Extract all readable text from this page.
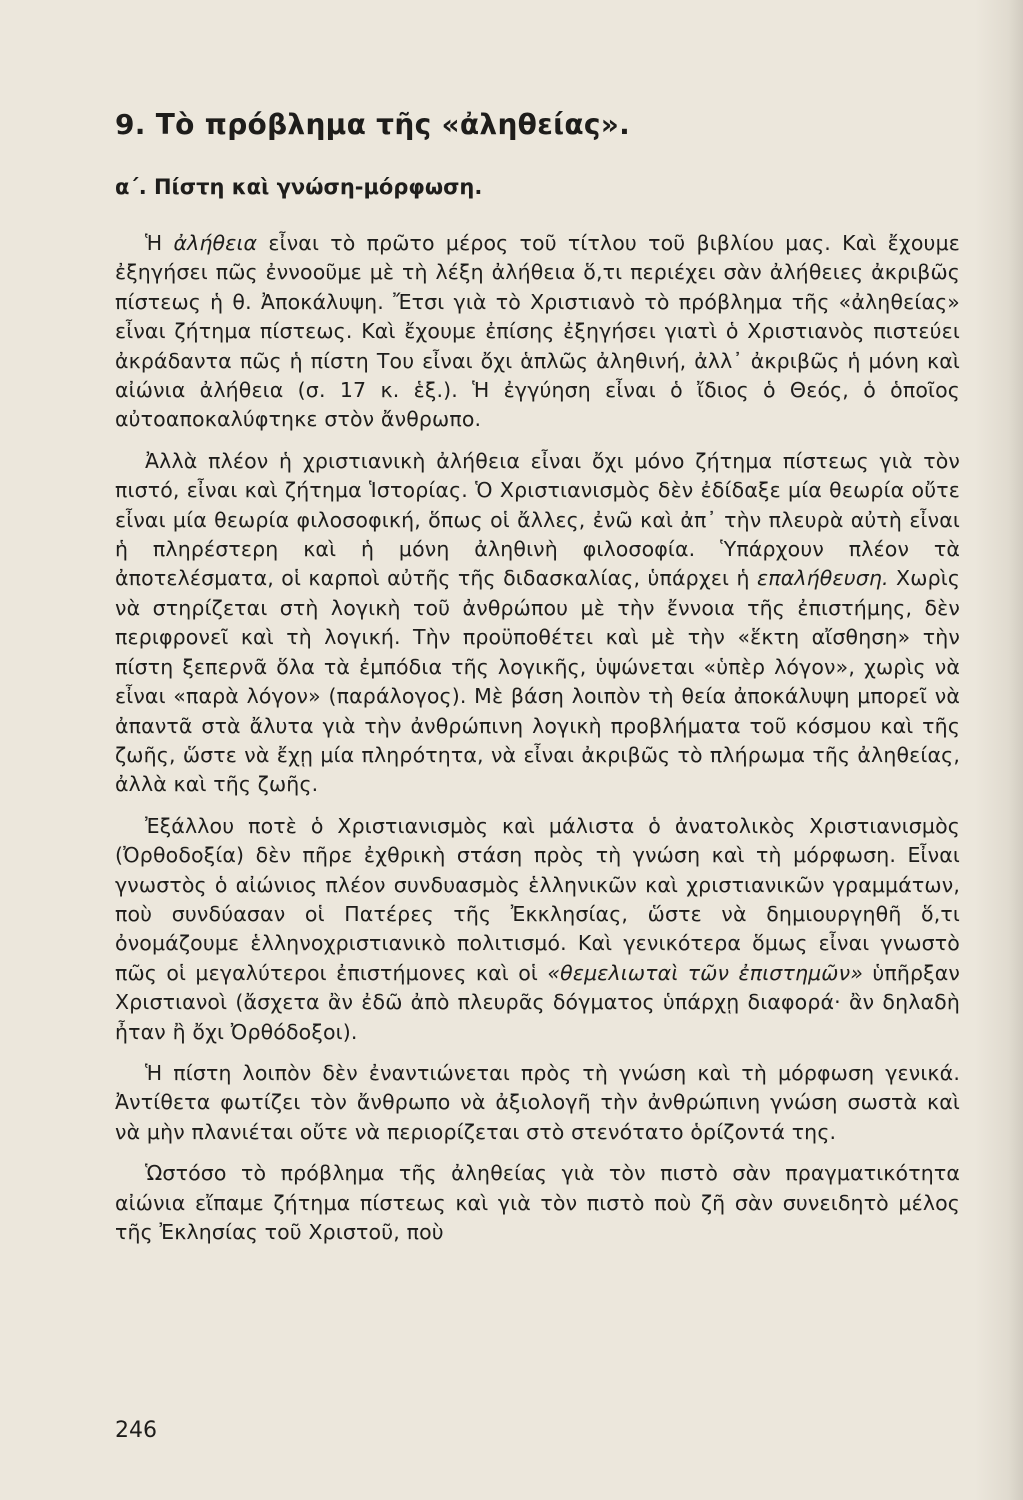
9. Τὸ πρόβλημα τῆς «ἀληθείας».
α΄. Πίστη καὶ γνώση-μόρφωση.

Ἡ ἀλήθεια εἶναι τὸ πρῶτο μέρος τοῦ τίτλου τοῦ βιβλίου μας. Καὶ ἔχουμε ἐξηγήσει πῶς ἐννοοῦμε μὲ τὴ λέξη ἀλήθεια ὅ,τι περιέχει σὰν ἀλήθειες ἀκριβῶς πίστεως ἡ θ. Ἀποκάλυψη. Ἔτσι γιὰ τὸ Χριστιανὸ τὸ πρόβλημα τῆς «ἀληθείας» εἶναι ζήτημα πίστεως. Καὶ ἔχουμε ἐπίσης ἐξηγήσει γιατὶ ὁ Χριστιανὸς πιστεύει ἀκράδαντα πῶς ἡ πίστη Του εἶναι ὄχι ἁπλῶς ἀληθινή, ἀλλ᾽ ἀκριβῶς ἡ μόνη καὶ αἰώνια ἀλήθεια (σ. 17 κ. ἑξ.). Ἡ ἐγγύηση εἶναι ὁ ἴδιος ὁ Θεός, ὁ ὁποῖος αὐτοαποκαλύφτηκε στὸν ἄνθρωπο.

Ἀλλὰ πλέον ἡ χριστιανικὴ ἀλήθεια εἶναι ὄχι μόνο ζήτημα πίστεως γιὰ τὸν πιστό, εἶναι καὶ ζήτημα Ἱστορίας. Ὁ Χριστιανισμὸς δὲν ἐδίδαξε μία θεωρία οὔτε εἶναι μία θεωρία φιλοσοφική, ὅπως οἱ ἄλλες, ἐνῶ καὶ ἀπ᾽ τὴν πλευρὰ αὐτὴ εἶναι ἡ πληρέστερη καὶ ἡ μόνη ἀληθινὴ φιλοσοφία. Ὑπάρχουν πλέον τὰ ἀποτελέσματα, οἱ καρποὶ αὐτῆς τῆς διδασκαλίας, ὑπάρχει ἡ επαλήθευση. Χωρὶς νὰ στηρίζεται στὴ λογικὴ τοῦ ἀνθρώπου μὲ τὴν ἔννοια τῆς ἐπιστήμης, δὲν περιφρονεῖ καὶ τὴ λογική. Τὴν προϋποθέτει καὶ μὲ τὴν «ἕκτη αἴσθηση» τὴν πίστη ξεπερνᾶ ὅλα τὰ ἐμπόδια τῆς λογικῆς, ὑψώνεται «ὑπὲρ λόγον», χωρὶς νὰ εἶναι «παρὰ λόγον» (παράλογος). Μὲ βάση λοιπὸν τὴ θεία ἀποκάλυψη μπορεῖ νὰ ἀπαντᾶ στὰ ἄλυτα γιὰ τὴν ἀνθρώπινη λογικὴ προβλήματα τοῦ κόσμου καὶ τῆς ζωῆς, ὥστε νὰ ἔχῃ μία πληρότητα, νὰ εἶναι ἀκριβῶς τὸ πλήρωμα τῆς ἀληθείας, ἀλλὰ καὶ τῆς ζωῆς.

Ἐξάλλου ποτὲ ὁ Χριστιανισμὸς καὶ μάλιστα ὁ ἀνατολικὸς Χριστιανισμὸς (Ὀρθοδοξία) δὲν πῆρε ἐχθρικὴ στάση πρὸς τὴ γνώση καὶ τὴ μόρφωση. Εἶναι γνωστὸς ὁ αἰώνιος πλέον συνδυασμὸς ἑλληνικῶν καὶ χριστιανικῶν γραμμάτων, ποὺ συνδύασαν οἱ Πατέρες τῆς Ἐκκλησίας, ὥστε νὰ δημιουργηθῆ ὅ,τι ὀνομάζουμε ἑλληνοχριστιανικὸ πολιτισμό. Καὶ γενικότερα ὅμως εἶναι γνωστὸ πῶς οἱ μεγαλύτεροι ἐπιστήμονες καὶ οἱ «θεμελιωταὶ τῶν ἐπιστημῶν» ὑπῆρξαν Χριστιανοὶ (ἄσχετα ἂν ἐδῶ ἀπὸ πλευρᾶς δόγματος ὑπάρχῃ διαφορά· ἂν δηλαδὴ ἦταν ἢ ὄχι Ὀρθόδοξοι).

Ἡ πίστη λοιπὸν δὲν ἐναντιώνεται πρὸς τὴ γνώση καὶ τὴ μόρφωση γενικά. Ἀντίθετα φωτίζει τὸν ἄνθρωπο νὰ ἀξιολογῆ τὴν ἀνθρώπινη γνώση σωστὰ καὶ νὰ μὴν πλανιέται οὔτε νὰ περιορίζεται στὸ στενότατο ὁρίζοντά της.

Ὡστόσο τὸ πρόβλημα τῆς ἀληθείας γιὰ τὸν πιστὸ σὰν πραγματικότητα αἰώνια εἴπαμε ζήτημα πίστεως καὶ γιὰ τὸν πιστὸ ποὺ ζῆ σὰν συνειδητὸ μέλος τῆς Ἐκλησίας τοῦ Χριστοῦ, ποὺ

246
